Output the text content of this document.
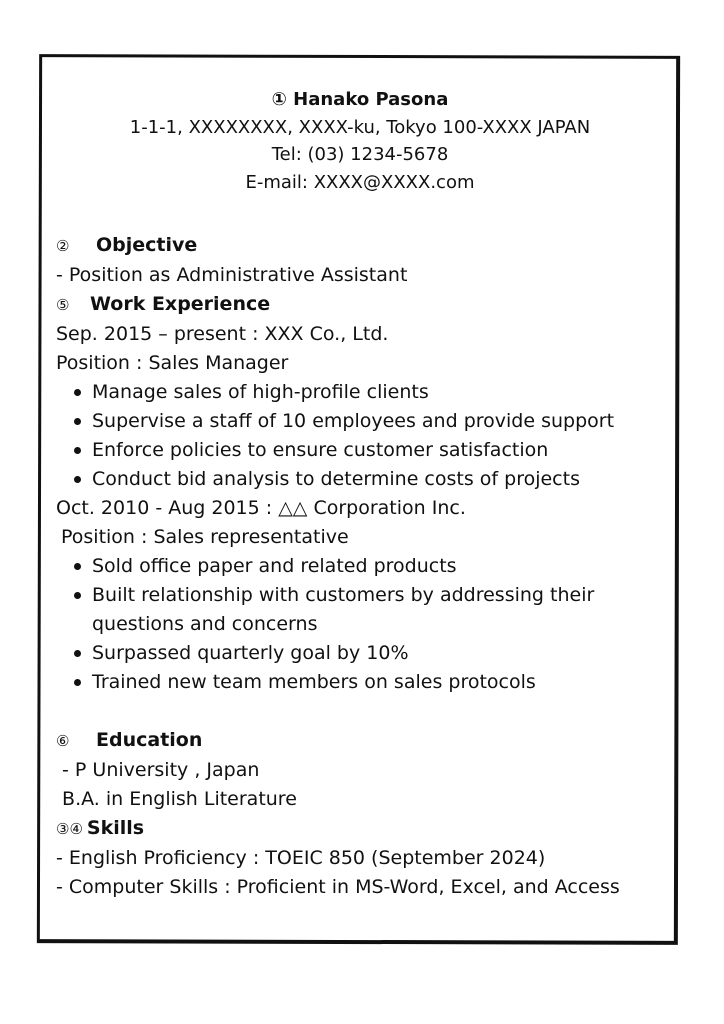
① Hanako Pasona
1-1-1, XXXXXXXX, XXXX-ku, Tokyo 100-XXXX JAPAN
Tel: (03) 1234-5678
E-mail: XXXX@XXXX.com
② Objective
- Position as Administrative Assistant
⑤ Work Experience
Sep. 2015 – present : XXX Co., Ltd.
Position : Sales Manager
Manage sales of high-profile clients
Supervise a staff of 10 employees and provide support
Enforce policies to ensure customer satisfaction
Conduct bid analysis to determine costs of projects
Oct. 2010 - Aug 2015 : △△ Corporation Inc.
Position : Sales representative
Sold office paper and related products
Built relationship with customers by addressing their questions and concerns
Surpassed quarterly goal by 10%
Trained new team members on sales protocols
⑥ Education
- P University , Japan
B.A. in English Literature
③④ Skills
- English Proficiency : TOEIC 850 (September 2024)
- Computer Skills : Proficient in MS-Word, Excel, and Access
